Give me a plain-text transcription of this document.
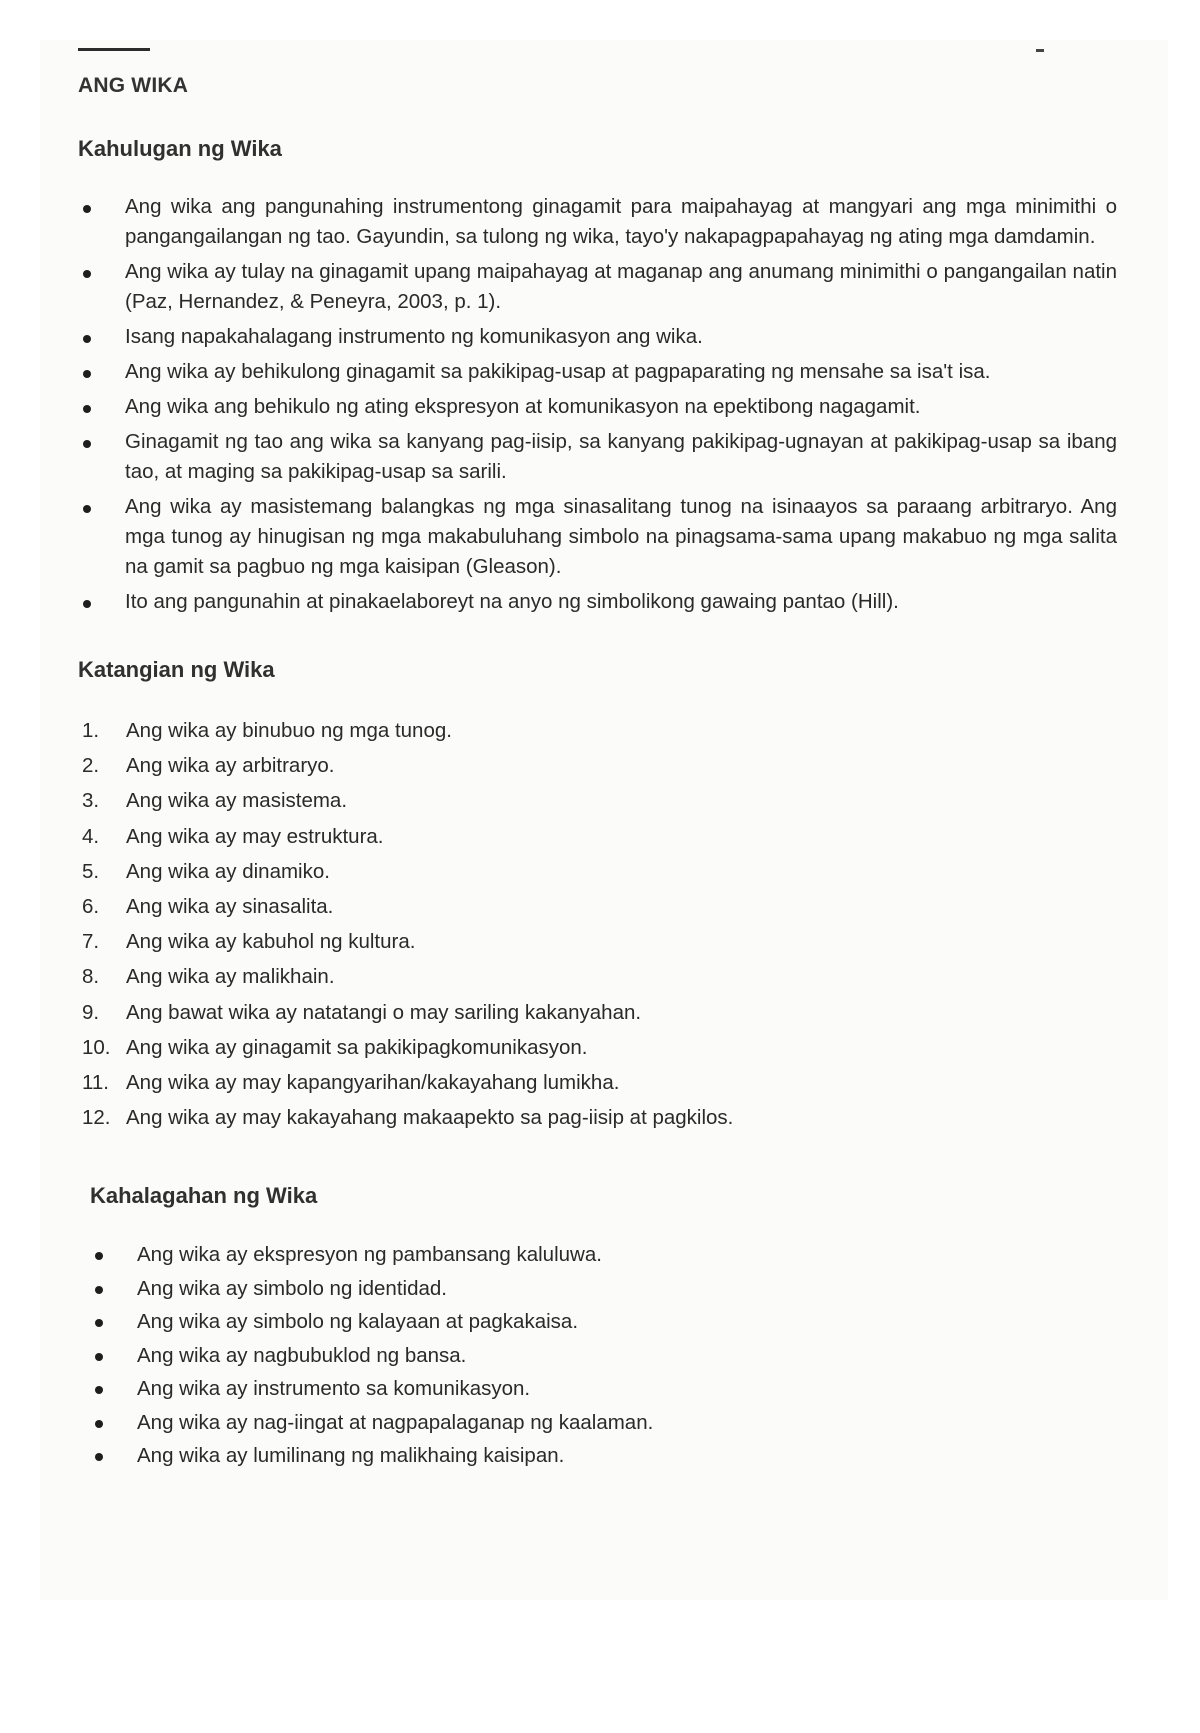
ANG WIKA
Kahulugan ng Wika
Ang wika ang pangunahing instrumentong ginagamit para maipahayag at mangyari ang mga minimithi o pangangailangan ng tao. Gayundin, sa tulong ng wika, tayo'y nakapagpapahayag ng ating mga damdamin.
Ang wika ay tulay na ginagamit upang maipahayag at maganap ang anumang minimithi o pangangailan natin (Paz, Hernandez, & Peneyra, 2003, p. 1).
Isang napakahalagang instrumento ng komunikasyon ang wika.
Ang wika ay behikulong ginagamit sa pakikipag-usap at pagpaparating ng mensahe sa isa't isa.
Ang wika ang behikulo ng ating ekspresyon at komunikasyon na epektibong nagagamit.
Ginagamit ng tao ang wika sa kanyang pag-iisip, sa kanyang pakikipag-ugnayan at pakikipag-usap sa ibang tao, at maging sa pakikipag-usap sa sarili.
Ang wika ay masistemang balangkas ng mga sinasalitang tunog na isinaayos sa paraang arbitraryo. Ang mga tunog ay hinugisan ng mga makabuluhang simbolo na pinagsama-sama upang makabuo ng mga salita na gamit sa pagbuo ng mga kaisipan (Gleason).
Ito ang pangunahin at pinakaelaboreyt na anyo ng simbolikong gawaing pantao (Hill).
Katangian ng Wika
1. Ang wika ay binubuo ng mga tunog.
2. Ang wika ay arbitraryo.
3. Ang wika ay masistema.
4. Ang wika ay may estruktura.
5. Ang wika ay dinamiko.
6. Ang wika ay sinasalita.
7. Ang wika ay kabuhol ng kultura.
8. Ang wika ay malikhain.
9. Ang bawat wika ay natatangi o may sariling kakanyahan.
10. Ang wika ay ginagamit sa pakikipagkomunikasyon.
11. Ang wika ay may kapangyarihan/kakayahang lumikha.
12. Ang wika ay may kakayahang makaapekto sa pag-iisip at pagkilos.
Kahalagahan ng Wika
Ang wika ay ekspresyon ng pambansang kaluluwa.
Ang wika ay simbolo ng identidad.
Ang wika ay simbolo ng kalayaan at pagkakaisa.
Ang wika ay nagbubuklod ng bansa.
Ang wika ay instrumento sa komunikasyon.
Ang wika ay nag-iingat at nagpapalaganap ng kaalaman.
Ang wika ay lumilinang ng malikhaing kaisipan.
